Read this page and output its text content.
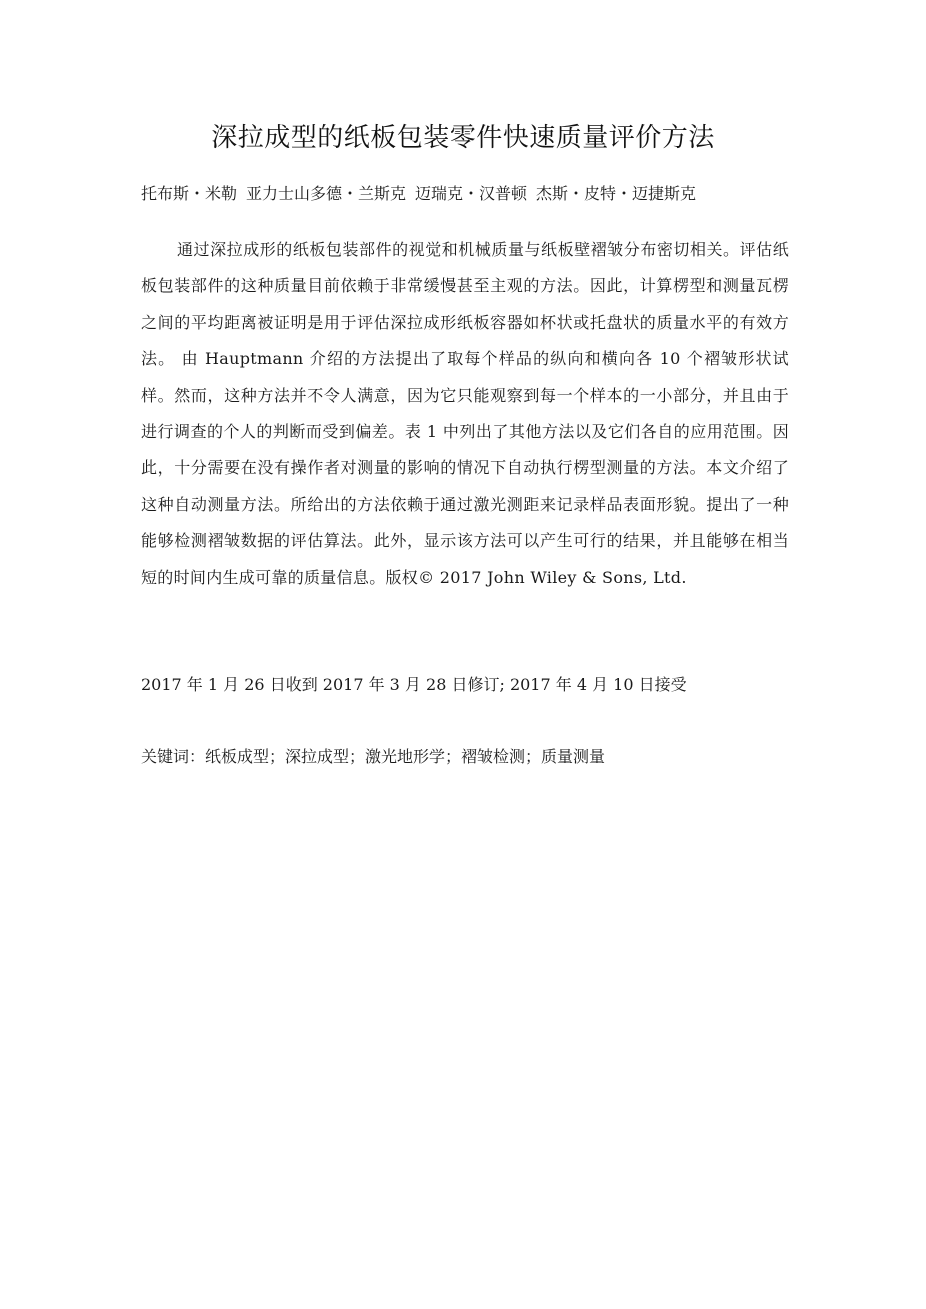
深拉成型的纸板包装零件快速质量评价方法

托布斯・米勒 亚力士山多德・兰斯克 迈瑞克・汉普顿 杰斯・皮特・迈捷斯克

通过深拉成形的纸板包装部件的视觉和机械质量与纸板壁褶皱分布密切相关。评估纸板包装部件的这种质量目前依赖于非常缓慢甚至主观的方法。因此，计算楞型和测量瓦楞之间的平均距离被证明是用于评估深拉成形纸板容器如杯状或托盘状的质量水平的有效方法。 由 Hauptmann 介绍的方法提出了取每个样品的纵向和横向各 10 个褶皱形状试样。然而，这种方法并不令人满意，因为它只能观察到每一个样本的一小部分，并且由于进行调查的个人的判断而受到偏差。表 1 中列出了其他方法以及它们各自的应用范围。因此，十分需要在没有操作者对测量的影响的情况下自动执行楞型测量的方法。本文介绍了这种自动测量方法。所给出的方法依赖于通过激光测距来记录样品表面形貌。提出了一种能够检测褶皱数据的评估算法。此外，显示该方法可以产生可行的结果，并且能够在相当短的时间内生成可靠的质量信息。版权© 2017 John Wiley & Sons, Ltd.

2017 年 1 月 26 日收到 2017 年 3 月 28 日修订; 2017 年 4 月 10 日接受

关键词：纸板成型；深拉成型；激光地形学；褶皱检测；质量测量
